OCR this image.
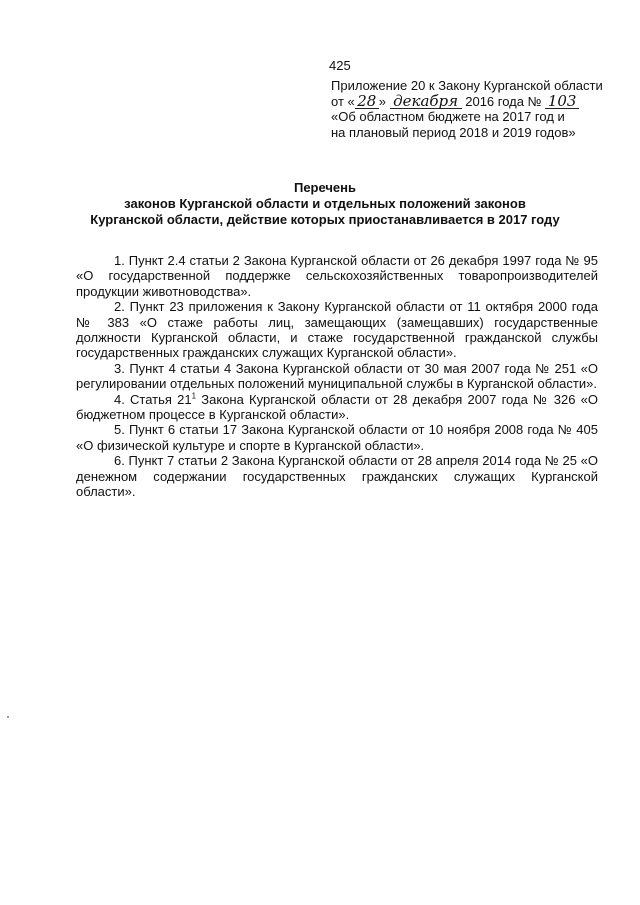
425
Приложение 20 к Закону Курганской области
от « 28 » декабря 2016 года № 103
«Об областном бюджете на 2017 год и
на плановый период 2018 и 2019 годов»
Перечень
законов Курганской области и отдельных положений законов Курганской области, действие которых приостанавливается в 2017 году

1. Пункт 2.4 статьи 2 Закона Курганской области от 26 декабря 1997 года № 95 «О государственной поддержке сельскохозяйственных товаропроизводителей продукции животноводства».

2. Пункт 23 приложения к Закону Курганской области от 11 октября 2000 года № 383 «О стаже работы лиц, замещающих (замещавших) государственные должности Курганской области, и стаже государственной гражданской службы государственных гражданских служащих Курганской области».

3. Пункт 4 статьи 4 Закона Курганской области от 30 мая 2007 года № 251 «О регулировании отдельных положений муниципальной службы в Курганской области».

4. Статья $21^1$ Закона Курганской области от 28 декабря 2007 года № 326 «О бюджетном процессе в Курганской области».

5. Пункт 6 статьи 17 Закона Курганской области от 10 ноября 2008 года № 405 «О физической культуре и спорте в Курганской области».

6. Пункт 7 статьи 2 Закона Курганской области от 28 апреля 2014 года № 25 «О денежном содержании государственных гражданских служащих Курганской области».
